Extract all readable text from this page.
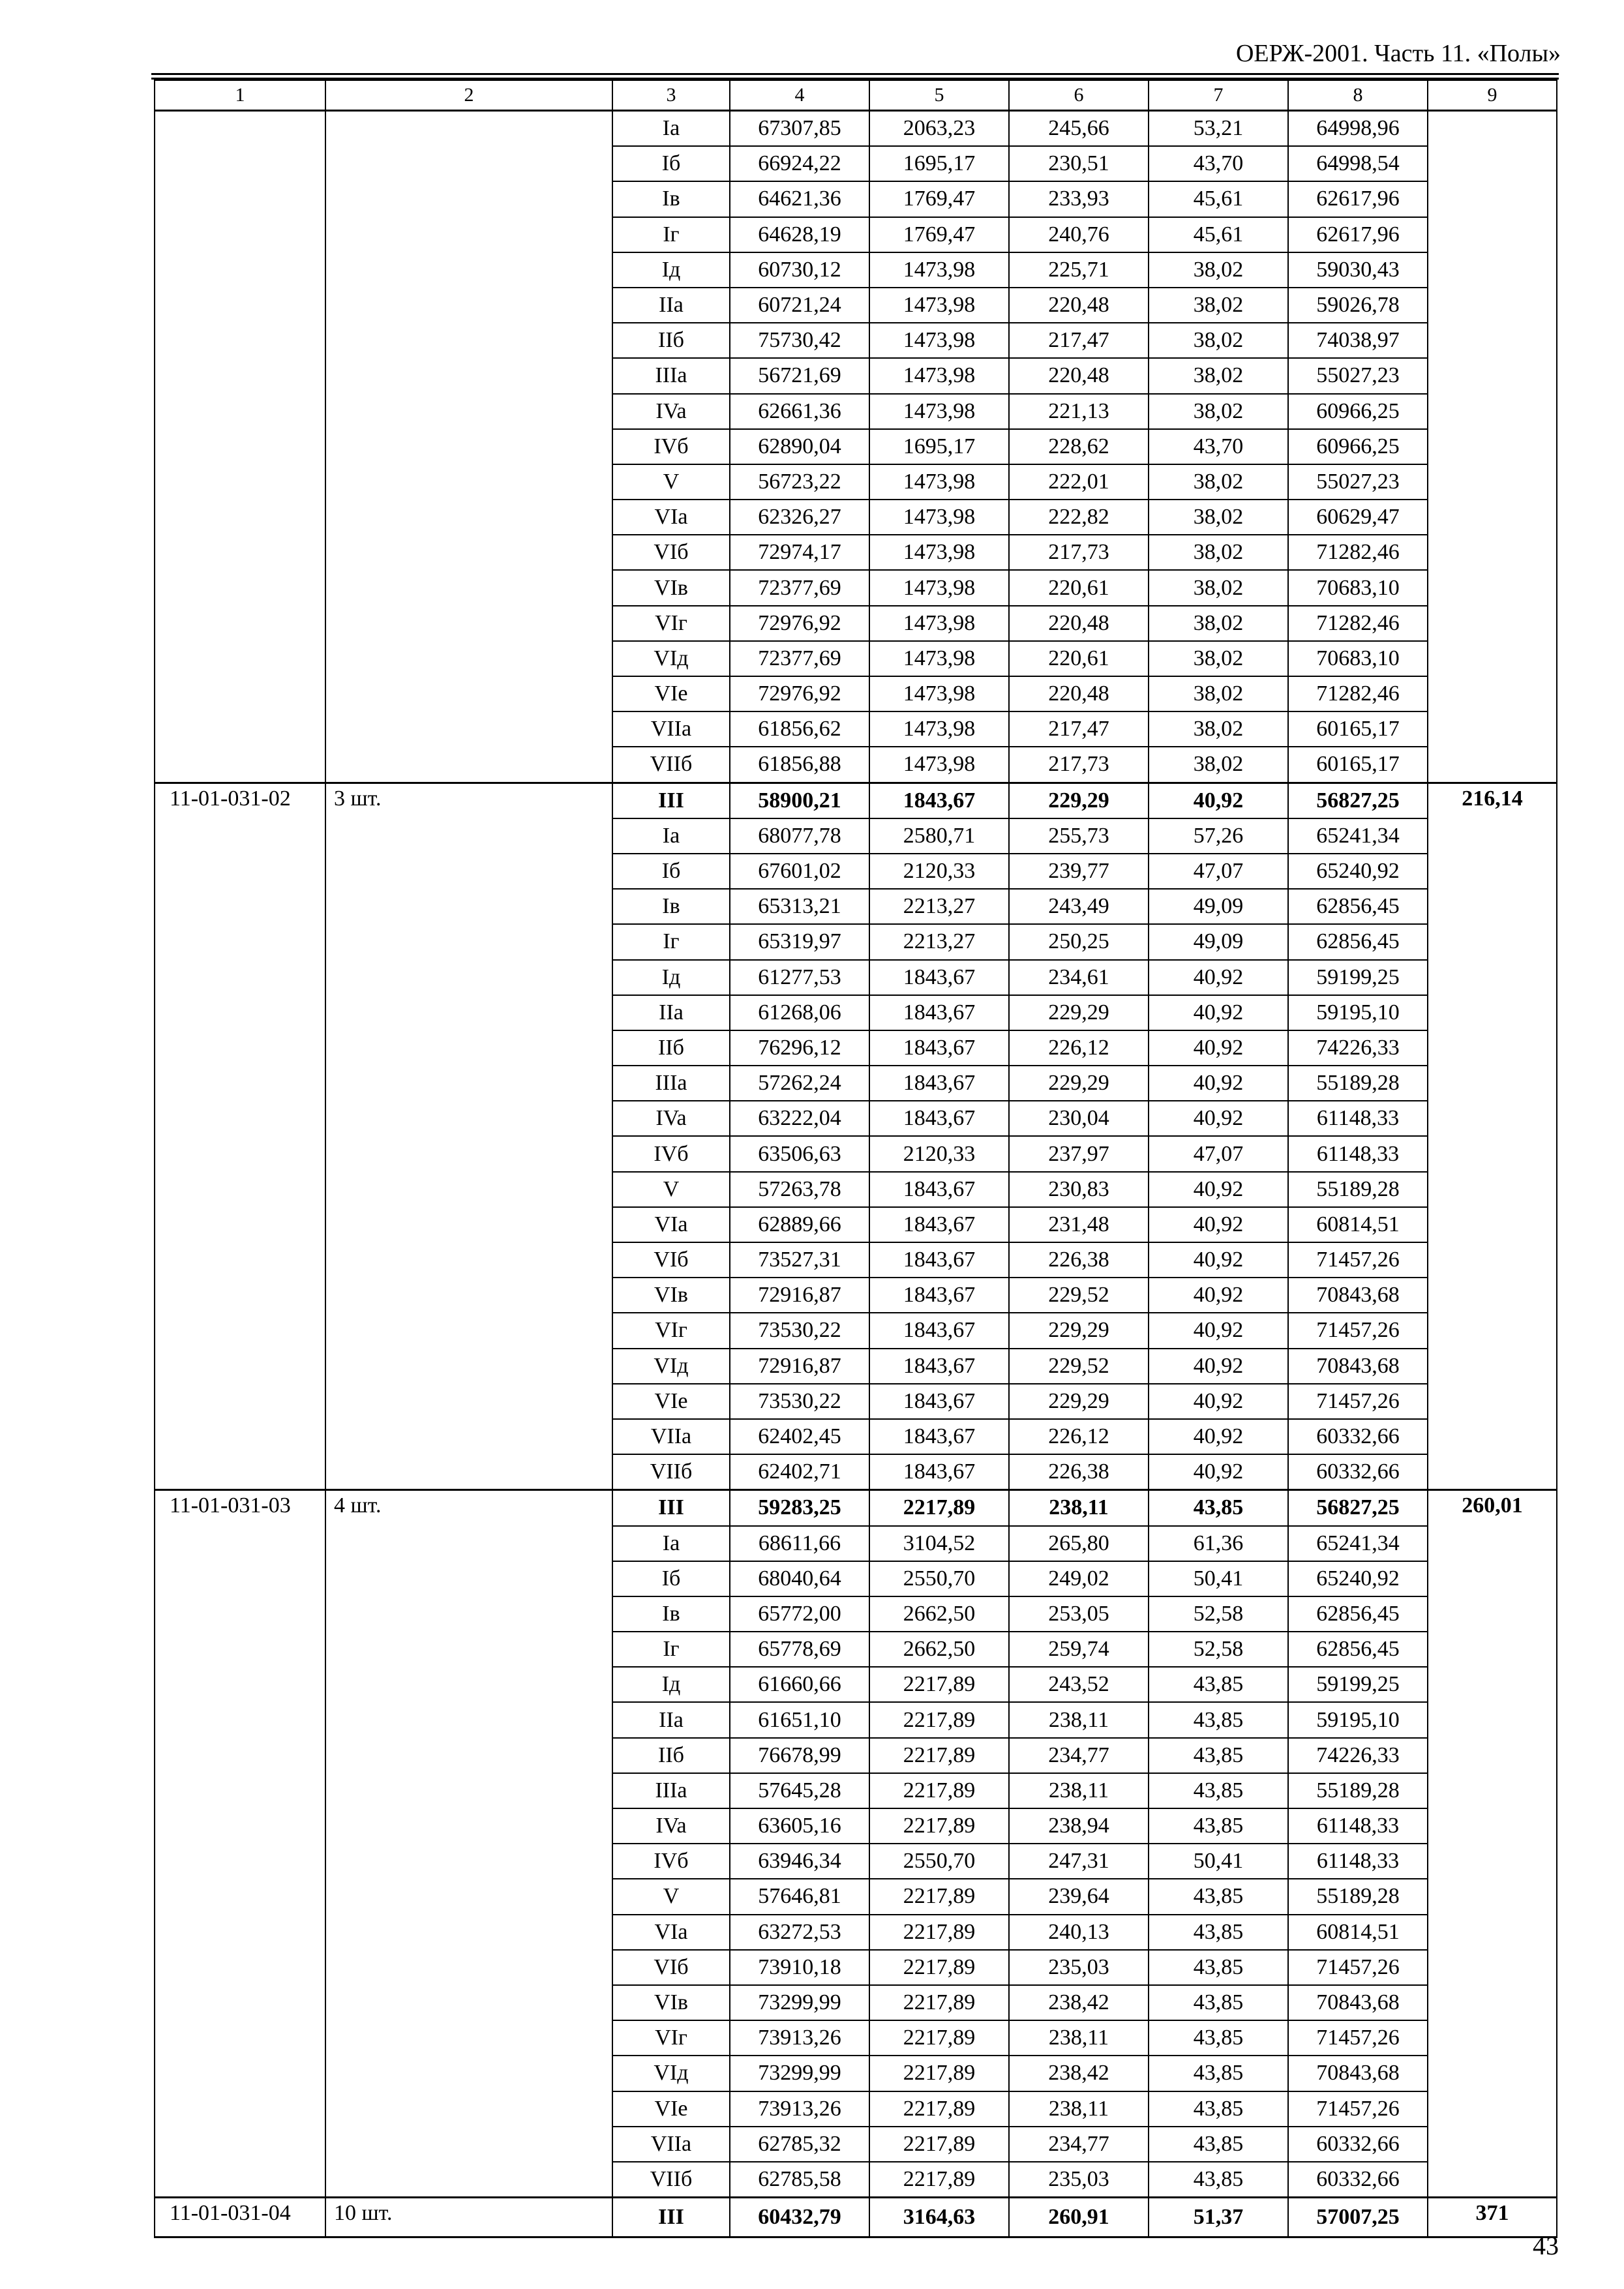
ОЕРЖ-2001. Часть 11. «Полы»
1	2	3	4	5	6	7	8	9
		Ia	67307,85	2063,23	245,66	53,21	64998,96	
		Iб	66924,22	1695,17	230,51	43,70	64998,54	
		Iв	64621,36	1769,47	233,93	45,61	62617,96	
		Iг	64628,19	1769,47	240,76	45,61	62617,96	
		Iд	60730,12	1473,98	225,71	38,02	59030,43	
		IIa	60721,24	1473,98	220,48	38,02	59026,78	
		IIб	75730,42	1473,98	217,47	38,02	74038,97	
		IIIa	56721,69	1473,98	220,48	38,02	55027,23	
		IVa	62661,36	1473,98	221,13	38,02	60966,25	
		IVб	62890,04	1695,17	228,62	43,70	60966,25	
		V	56723,22	1473,98	222,01	38,02	55027,23	
		VIa	62326,27	1473,98	222,82	38,02	60629,47	
		VIб	72974,17	1473,98	217,73	38,02	71282,46	
		VIв	72377,69	1473,98	220,61	38,02	70683,10	
		VIг	72976,92	1473,98	220,48	38,02	71282,46	
		VIд	72377,69	1473,98	220,61	38,02	70683,10	
		VIe	72976,92	1473,98	220,48	38,02	71282,46	
		VIIa	61856,62	1473,98	217,47	38,02	60165,17	
		VIIб	61856,88	1473,98	217,73	38,02	60165,17	
11-01-031-02	3 шт.	III	58900,21	1843,67	229,29	40,92	56827,25	216,14
		Ia	68077,78	2580,71	255,73	57,26	65241,34	
		Iб	67601,02	2120,33	239,77	47,07	65240,92	
		Iв	65313,21	2213,27	243,49	49,09	62856,45	
		Iг	65319,97	2213,27	250,25	49,09	62856,45	
		Iд	61277,53	1843,67	234,61	40,92	59199,25	
		IIa	61268,06	1843,67	229,29	40,92	59195,10	
		IIб	76296,12	1843,67	226,12	40,92	74226,33	
		IIIa	57262,24	1843,67	229,29	40,92	55189,28	
		IVa	63222,04	1843,67	230,04	40,92	61148,33	
		IVб	63506,63	2120,33	237,97	47,07	61148,33	
		V	57263,78	1843,67	230,83	40,92	55189,28	
		VIa	62889,66	1843,67	231,48	40,92	60814,51	
		VIб	73527,31	1843,67	226,38	40,92	71457,26	
		VIв	72916,87	1843,67	229,52	40,92	70843,68	
		VIг	73530,22	1843,67	229,29	40,92	71457,26	
		VIд	72916,87	1843,67	229,52	40,92	70843,68	
		VIe	73530,22	1843,67	229,29	40,92	71457,26	
		VIIa	62402,45	1843,67	226,12	40,92	60332,66	
		VIIб	62402,71	1843,67	226,38	40,92	60332,66	
11-01-031-03	4 шт.	III	59283,25	2217,89	238,11	43,85	56827,25	260,01
		Ia	68611,66	3104,52	265,80	61,36	65241,34	
		Iб	68040,64	2550,70	249,02	50,41	65240,92	
		Iв	65772,00	2662,50	253,05	52,58	62856,45	
		Iг	65778,69	2662,50	259,74	52,58	62856,45	
		Iд	61660,66	2217,89	243,52	43,85	59199,25	
		IIa	61651,10	2217,89	238,11	43,85	59195,10	
		IIб	76678,99	2217,89	234,77	43,85	74226,33	
		IIIa	57645,28	2217,89	238,11	43,85	55189,28	
		IVa	63605,16	2217,89	238,94	43,85	61148,33	
		IVб	63946,34	2550,70	247,31	50,41	61148,33	
		V	57646,81	2217,89	239,64	43,85	55189,28	
		VIa	63272,53	2217,89	240,13	43,85	60814,51	
		VIб	73910,18	2217,89	235,03	43,85	71457,26	
		VIв	73299,99	2217,89	238,42	43,85	70843,68	
		VIг	73913,26	2217,89	238,11	43,85	71457,26	
		VIд	73299,99	2217,89	238,42	43,85	70843,68	
		VIe	73913,26	2217,89	238,11	43,85	71457,26	
		VIIa	62785,32	2217,89	234,77	43,85	60332,66	
		VIIб	62785,58	2217,89	235,03	43,85	60332,66	
11-01-031-04	10 шт.	III	60432,79	3164,63	260,91	51,37	57007,25	371
43
